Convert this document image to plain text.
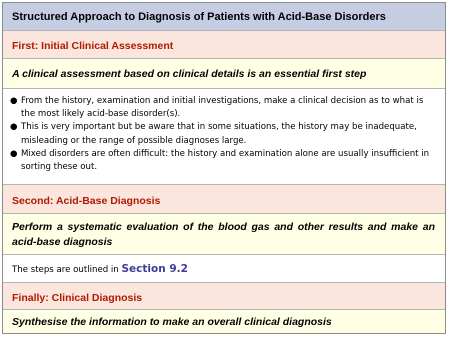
Structured Approach to Diagnosis of Patients with Acid-Base Disorders
First: Initial Clinical Assessment
A clinical assessment based on clinical details is an essential first step
● From the history, examination and initial investigations, make a clinical decision as to what is the most likely acid-base disorder(s).
● This is very important but be aware that in some situations, the history may be inadequate, misleading or the range of possible diagnoses large.
● Mixed disorders are often difficult: the history and examination alone are usually insufficient in sorting these out.
Second: Acid-Base Diagnosis
Perform a systematic evaluation of the blood gas and other results and make an acid-base diagnosis
The steps are outlined in Section 9.2
Finally: Clinical Diagnosis
Synthesise the information to make an overall clinical diagnosis
